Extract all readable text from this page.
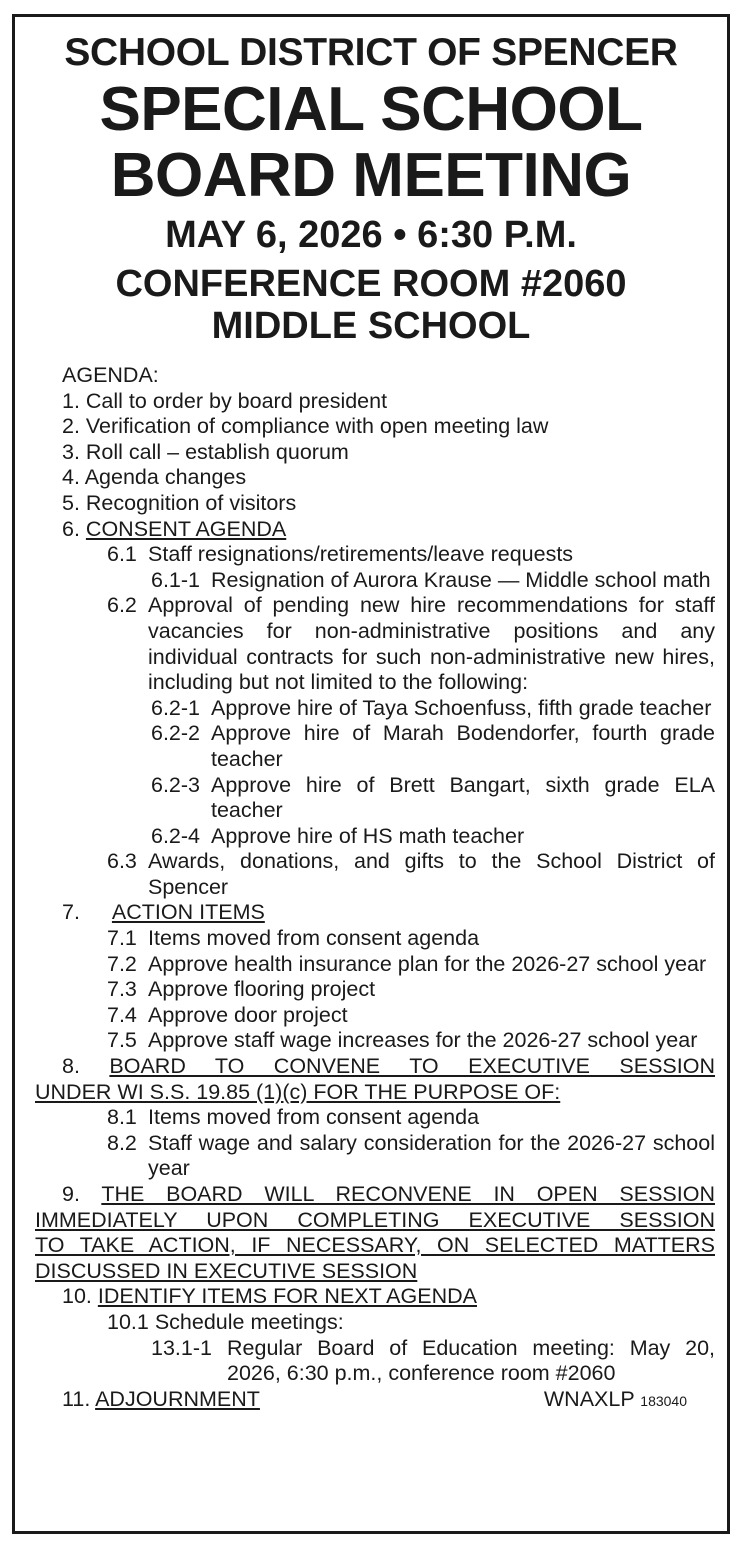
SCHOOL DISTRICT OF SPENCER
SPECIAL SCHOOL
BOARD MEETING
MAY 6, 2026 • 6:30 P.M.
CONFERENCE ROOM #2060
MIDDLE SCHOOL
AGENDA:
1. Call to order by board president
2. Verification of compliance with open meeting law
3. Roll call – establish quorum
4. Agenda changes
5. Recognition of visitors
6. CONSENT AGENDA
6.1 Staff resignations/retirements/leave requests
6.1-1 Resignation of Aurora Krause — Middle school math
6.2 Approval of pending new hire recommendations for staff vacancies for non-administrative positions and any individual contracts for such non-administrative new hires, including but not limited to the following:
6.2-1 Approve hire of Taya Schoenfuss, fifth grade teacher
6.2-2 Approve hire of Marah Bodendorfer, fourth grade teacher
6.2-3 Approve hire of Brett Bangart, sixth grade ELA teacher
6.2-4 Approve hire of HS math teacher
6.3 Awards, donations, and gifts to the School District of Spencer
7. ACTION ITEMS
7.1 Items moved from consent agenda
7.2 Approve health insurance plan for the 2026-27 school year
7.3 Approve flooring project
7.4 Approve door project
7.5 Approve staff wage increases for the 2026-27 school year
8. BOARD TO CONVENE TO EXECUTIVE SESSION
UNDER WI S.S. 19.85 (1)(c) FOR THE PURPOSE OF:
8.1 Items moved from consent agenda
8.2 Staff wage and salary consideration for the 2026-27 school year
9. THE BOARD WILL RECONVENE IN OPEN SESSION
IMMEDIATELY UPON COMPLETING EXECUTIVE SESSION
TO TAKE ACTION, IF NECESSARY, ON SELECTED MATTERS
DISCUSSED IN EXECUTIVE SESSION
10. IDENTIFY ITEMS FOR NEXT AGENDA
10.1 Schedule meetings:
13.1-1 Regular Board of Education meeting: May 20, 2026, 6:30 p.m., conference room #2060
11. ADJOURNMENT	WNAXLP 183040
